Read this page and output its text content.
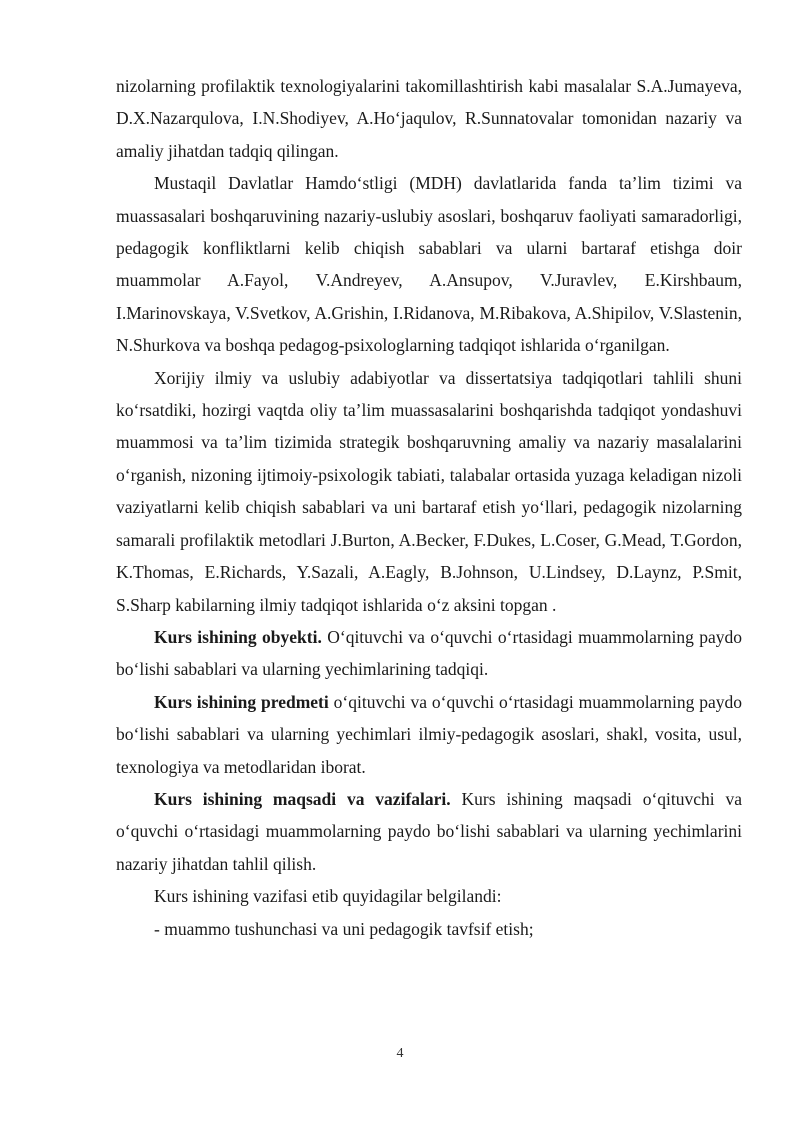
nizolarning profilaktik texnologiyalarini takomillashtirish kabi masalalar S.A.Jumayeva, D.X.Nazarqulova, I.N.Shodiyev, A.Ho‘jaqulov, R.Sunnatovalar tomonidan nazariy va amaliy jihatdan tadqiq qilingan.

Mustaqil Davlatlar Hamdo‘stligi (MDH) davlatlarida fanda ta’lim tizimi va muassasalari boshqaruvining nazariy-uslubiy asoslari, boshqaruv faoliyati samaradorligi, pedagogik konfliktlarni kelib chiqish sabablari va ularni bartaraf etishga doir muammolar A.Fayol, V.Andreyev, A.Ansupov, V.Juravlev, E.Kirshbaum, I.Marinovskaya, V.Svetkov, A.Grishin, I.Ridanova, M.Ribakova, A.Shipilov, V.Slastenin, N.Shurkova va boshqa pedagog-psixologlarning tadqiqot ishlarida o‘rganilgan.

Xorijiy ilmiy va uslubiy adabiyotlar va dissertatsiya tadqiqotlari tahlili shuni ko‘rsatdiki, hozirgi vaqtda oliy ta’lim muassasalarini boshqarishda tadqiqot yondashuvi muammosi va ta’lim tizimida strategik boshqaruvning amaliy va nazariy masalalarini o‘rganish, nizoning ijtimoiy-psixologik tabiati, talabalar ortasida yuzaga keladigan nizoli vaziyatlarni kelib chiqish sabablari va uni bartaraf etish yo‘llari, pedagogik nizolarning samarali profilaktik metodlari J.Burton, A.Becker, F.Dukes, L.Coser, G.Mead, T.Gordon, K.Thomas, E.Richards, Y.Sazali, A.Eagly, B.Johnson, U.Lindsey, D.Laynz, P.Smit, S.Sharp kabilarning ilmiy tadqiqot ishlarida o‘z aksini topgan .

Kurs ishining obyekti. O‘qituvchi va o‘quvchi o‘rtasidagi muammolarning paydo bo‘lishi sabablari va ularning yechimlarining tadqiqi.

Kurs ishining predmeti o‘qituvchi va o‘quvchi o‘rtasidagi muammolarning paydo bo‘lishi sabablari va ularning yechimlari ilmiy-pedagogik asoslari, shakl, vosita, usul, texnologiya va metodlaridan iborat.

Kurs ishining maqsadi va vazifalari. Kurs ishining maqsadi o‘qituvchi va o‘quvchi o‘rtasidagi muammolarning paydo bo‘lishi sabablari va ularning yechimlarini nazariy jihatdan tahlil qilish.

Kurs ishining vazifasi etib quyidagilar belgilandi:

- muammo tushunchasi va uni pedagogik tavfsif etish;

4
